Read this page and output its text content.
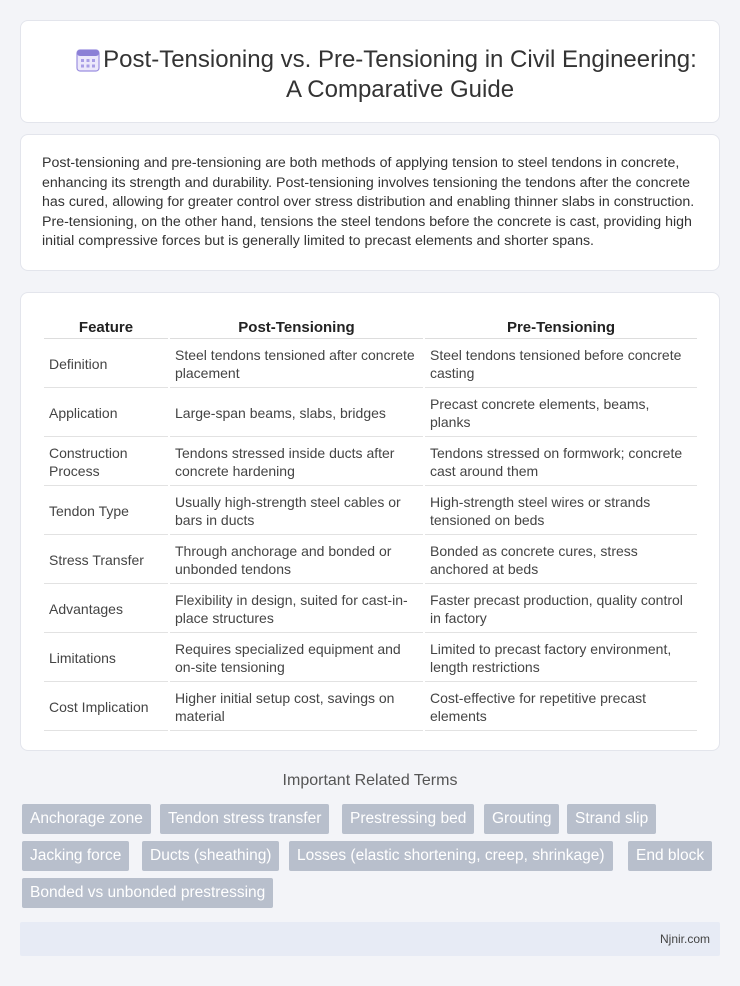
Post-Tensioning vs. Pre-Tensioning in Civil Engineering: A Comparative Guide

Post-tensioning and pre-tensioning are both methods of applying tension to steel tendons in concrete, enhancing its strength and durability. Post-tensioning involves tensioning the tendons after the concrete has cured, allowing for greater control over stress distribution and enabling thinner slabs in construction. Pre-tensioning, on the other hand, tensions the steel tendons before the concrete is cast, providing high initial compressive forces but is generally limited to precast elements and shorter spans.

Feature	Post-Tensioning	Pre-Tensioning
Definition	Steel tendons tensioned after concrete placement	Steel tendons tensioned before concrete casting
Application	Large-span beams, slabs, bridges	Precast concrete elements, beams, planks
Construction Process	Tendons stressed inside ducts after concrete hardening	Tendons stressed on formwork; concrete cast around them
Tendon Type	Usually high-strength steel cables or bars in ducts	High-strength steel wires or strands tensioned on beds
Stress Transfer	Through anchorage and bonded or unbonded tendons	Bonded as concrete cures, stress anchored at beds
Advantages	Flexibility in design, suited for cast-in-place structures	Faster precast production, quality control in factory
Limitations	Requires specialized equipment and on-site tensioning	Limited to precast factory environment, length restrictions
Cost Implication	Higher initial setup cost, savings on material	Cost-effective for repetitive precast elements
Important Related Terms
Anchorage zone	Tendon stress transfer	Prestressing bed	Grouting	Strand slip
Jacking force	Ducts (sheathing)	Losses (elastic shortening, creep, shrinkage)	End block
Bonded vs unbonded prestressing
Njnir.com
